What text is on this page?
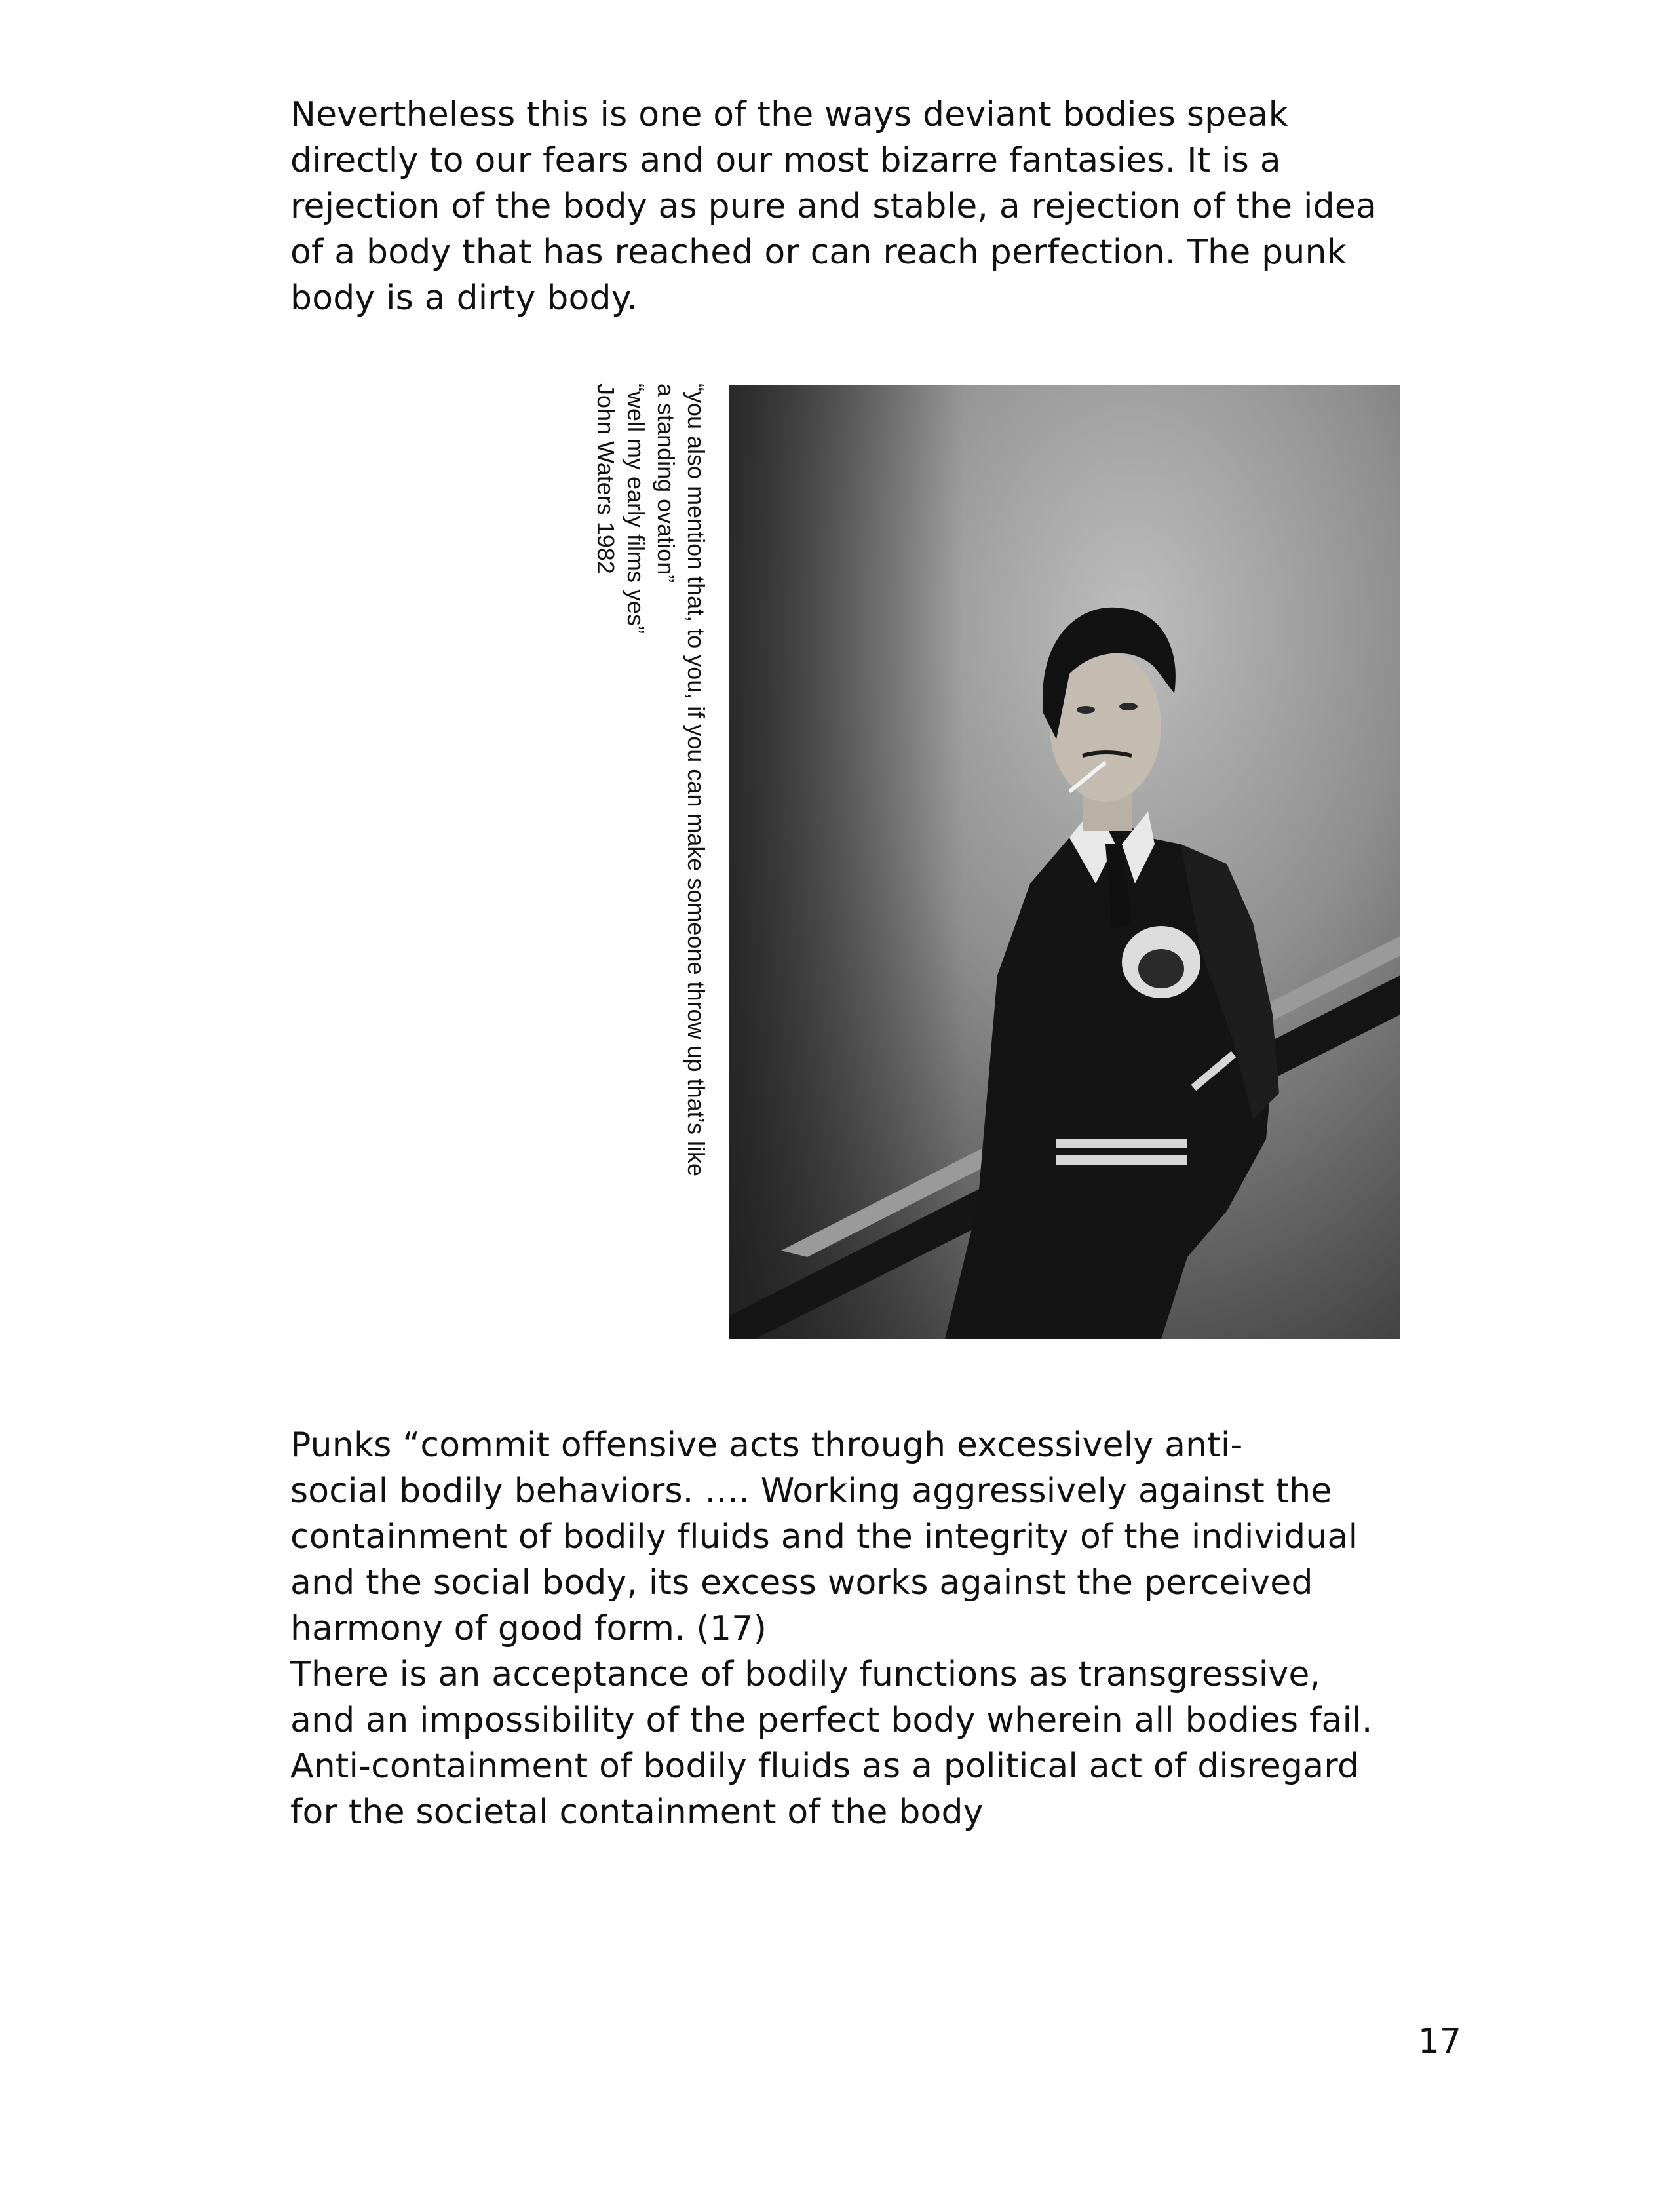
Nevertheless this is one of the ways deviant bodies speak
directly to our fears and our most bizarre fantasies. It is a
rejection of the body as pure and stable, a rejection of the idea
of a body that has reached or can reach perfection. The punk
body is a dirty body.

“you also mention that, to you, if you can make someone throw up that’s like
a standing ovation”
“well my early films yes”
John Waters 1982

Punks “commit offensive acts through excessively anti-
social bodily behaviors. …. Working aggressively against the
containment of bodily fluids and the integrity of the individual
and the social body, its excess works against the perceived
harmony of good form. (17)
There is an acceptance of bodily functions as transgressive,
and an impossibility of the perfect body wherein all bodies fail.
Anti-containment of bodily fluids as a political act of disregard
for the societal containment of the body

17
